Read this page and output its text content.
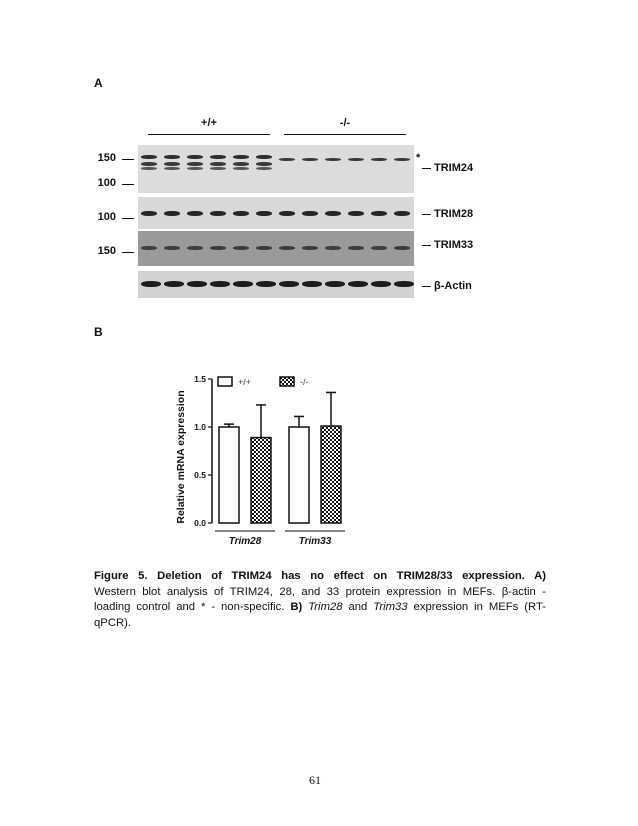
A
+/+	-/-
150
100
100
150
*
TRIM24
TRIM28
TRIM33
β-Actin
B
Relative mRNA expression 0.0
0.5
1.0
1.5
Trim28	Trim33
+/+	-/-
Figure 5. Deletion of TRIM24 has no effect on TRIM28/33 expression. A)
Western blot analysis of TRIM24, 28, and 33 protein expression in MEFs. β-actin -
loading control and * - non-specific. B) Trim28 and Trim33 expression in MEFs (RT-
qPCR).
61
